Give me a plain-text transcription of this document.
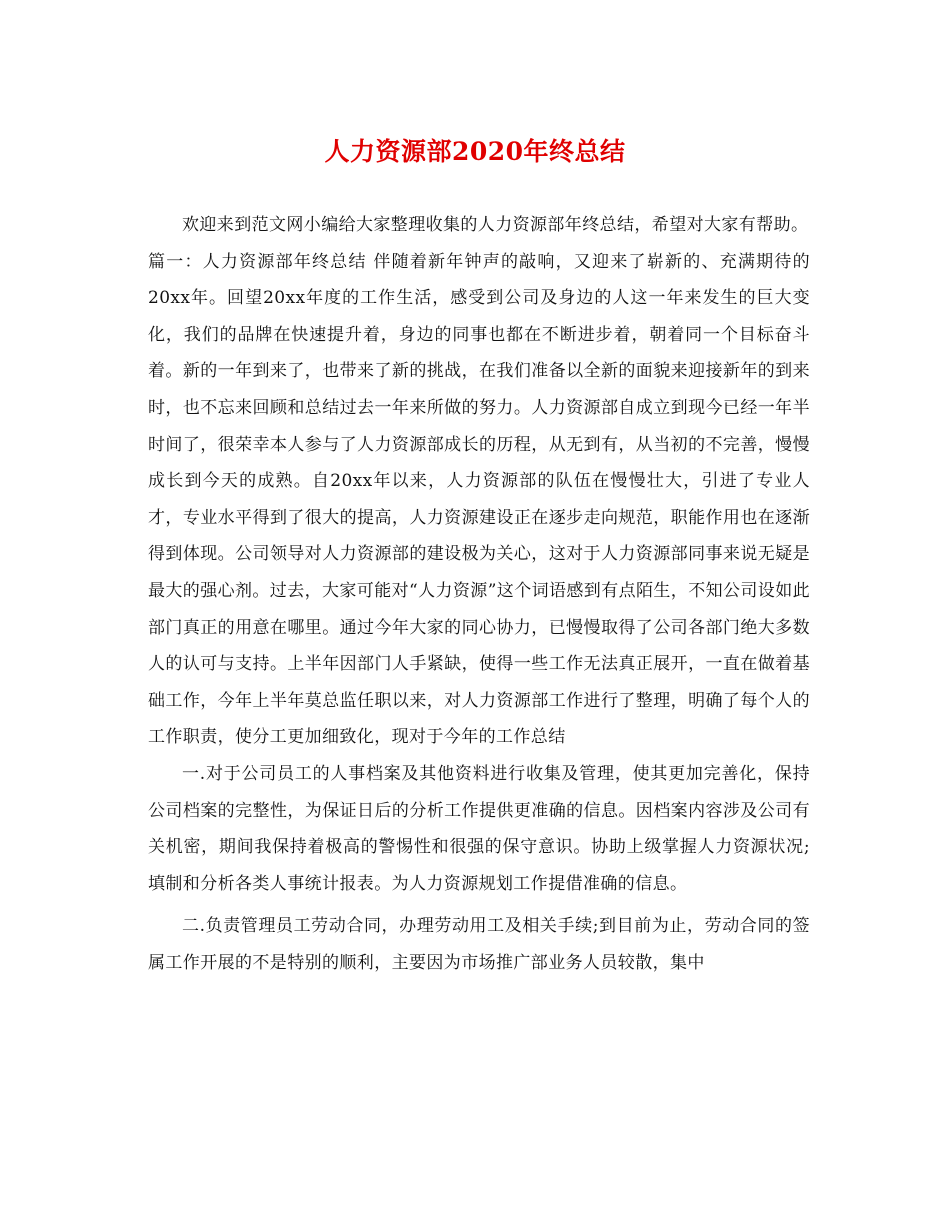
人力资源部2020年终总结

欢迎来到范文网小编给大家整理收集的人力资源部年终总结，希望对大家有帮助。

篇一：人力资源部年终总结 伴随着新年钟声的敲响，又迎来了崭新的、充满期待的20xx年。回望20xx年度的工作生活，感受到公司及身边的人这一年来发生的巨大变化，我们的品牌在快速提升着，身边的同事也都在不断进步着，朝着同一个目标奋斗着。新的一年到来了，也带来了新的挑战，在我们准备以全新的面貌来迎接新年的到来时，也不忘来回顾和总结过去一年来所做的努力。人力资源部自成立到现今已经一年半时间了，很荣幸本人参与了人力资源部成长的历程，从无到有，从当初的不完善，慢慢成长到今天的成熟。自20xx年以来，人力资源部的队伍在慢慢壮大，引进了专业人才，专业水平得到了很大的提高，人力资源建设正在逐步走向规范，职能作用也在逐渐得到体现。公司领导对人力资源部的建设极为关心，这对于人力资源部同事来说无疑是最大的强心剂。过去，大家可能对“人力资源”这个词语感到有点陌生，不知公司设如此部门真正的用意在哪里。通过今年大家的同心协力，已慢慢取得了公司各部门绝大多数人的认可与支持。上半年因部门人手紧缺，使得一些工作无法真正展开，一直在做着基础工作，今年上半年莫总监任职以来，对人力资源部工作进行了整理，明确了每个人的工作职责，使分工更加细致化，现对于今年的工作总结

一.对于公司员工的人事档案及其他资料进行收集及管理，使其更加完善化，保持公司档案的完整性，为保证日后的分析工作提供更准确的信息。因档案内容涉及公司有关机密，期间我保持着极高的警惕性和很强的保守意识。协助上级掌握人力资源状况;填制和分析各类人事统计报表。为人力资源规划工作提借准确的信息。

二.负责管理员工劳动合同，办理劳动用工及相关手续;到目前为止，劳动合同的签属工作开展的不是特别的顺利，主要因为市场推广部业务人员较散，集中
